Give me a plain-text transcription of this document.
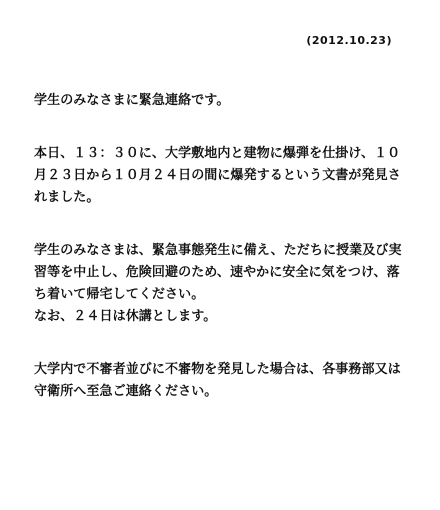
(2012.10.23)
学生のみなさまに緊急連絡です。
本日、１３：３０に、大学敷地内と建物に爆弾を仕掛け、１０
月２３日から１０月２４日の間に爆発するという文書が発見さ
れました。
学生のみなさまは、緊急事態発生に備え、ただちに授業及び実
習等を中止し、危険回避のため、速やかに安全に気をつけ、落
ち着いて帰宅してください。
なお、２４日は休講とします。
大学内で不審者並びに不審物を発見した場合は、各事務部又は
守衛所へ至急ご連絡ください。
